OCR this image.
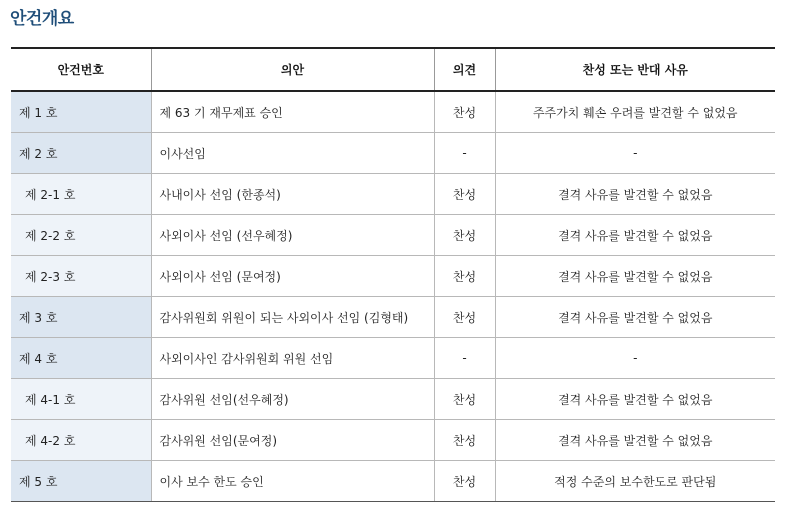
안건개요
안건번호	의안	의견	찬성 또는 반대 사유
제 1 호	제 63 기 재무제표 승인	찬성	주주가치 훼손 우려를 발견할 수 없었음
제 2 호	이사선임	-	-
제 2-1 호	사내이사 선임 (한종석)	찬성	결격 사유를 발견할 수 없었음
제 2-2 호	사외이사 선임 (선우혜정)	찬성	결격 사유를 발견할 수 없었음
제 2-3 호	사외이사 선임 (문여정)	찬성	결격 사유를 발견할 수 없었음
제 3 호	감사위원회 위원이 되는 사외이사 선임 (김형태)	찬성	결격 사유를 발견할 수 없었음
제 4 호	사외이사인 감사위원회 위원 선임	-	-
제 4-1 호	감사위원 선임(선우혜정)	찬성	결격 사유를 발견할 수 없었음
제 4-2 호	감사위원 선임(문여정)	찬성	결격 사유를 발견할 수 없었음
제 5 호	이사 보수 한도 승인	찬성	적정 수준의 보수한도로 판단됨
